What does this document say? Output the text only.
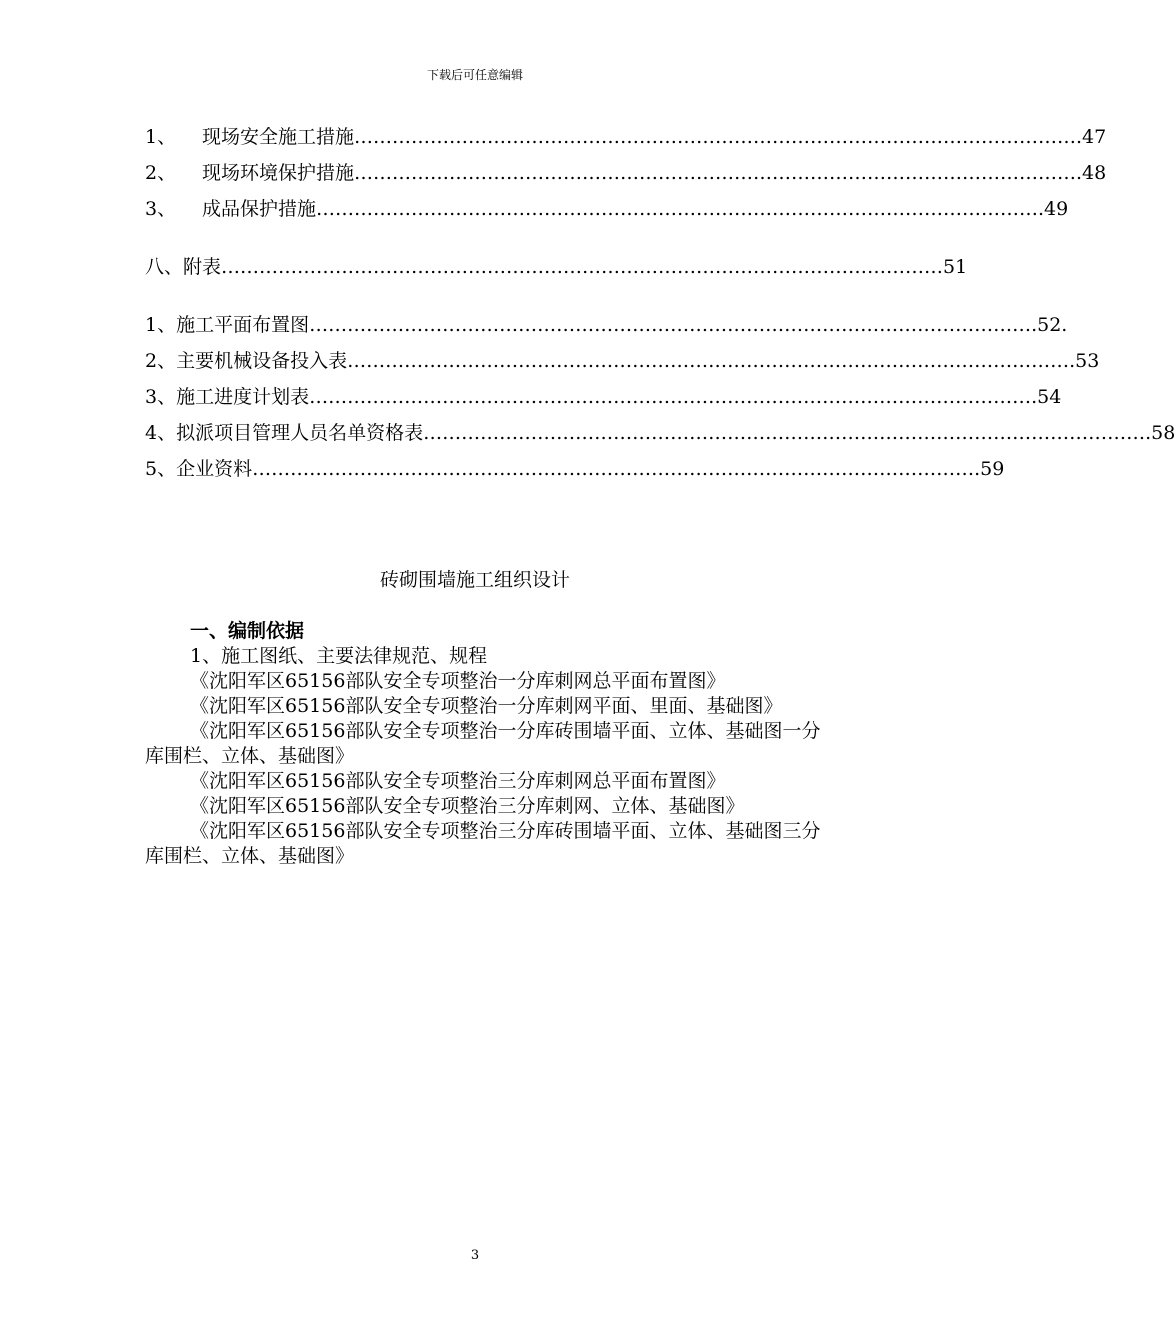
下载后可任意编辑
1、	现场安全施工措施 …………………………………………………………………………………………………… .47
2、	现场环境保护措施 …………………………………………………………………………………………………… .48
3、	成品保护措施 …………………………………………………………………………………………………… .49
八、附表 …………………………………………………………………………………………………… 51
1、施工平面布置图 …………………………………………………………………………………………………… .52.
2、主要机械设备投入表 …………………………………………………………………………………………………… .53
3、施工进度计划表 …………………………………………………………………………………………………… .54
4、拟派项目管理人员名单资格表 …………………………………………………………………………………………………… .58
5、企业资料 …………………………………………………………………………………………………… .59
砖砌围墙施工组织设计
一、编制依据

1、施工图纸、主要法律规范、规程

《沈阳军区65156部队安全专项整治一分库刺网总平面布置图》

《沈阳军区65156部队安全专项整治一分库刺网平面、里面、基础图》

《沈阳军区65156部队安全专项整治一分库砖围墙平面、立体、基础图一分库围栏、立体、基础图》

《沈阳军区65156部队安全专项整治三分库刺网总平面布置图》

《沈阳军区65156部队安全专项整治三分库刺网、立体、基础图》

《沈阳军区65156部队安全专项整治三分库砖围墙平面、立体、基础图三分库围栏、立体、基础图》

3
